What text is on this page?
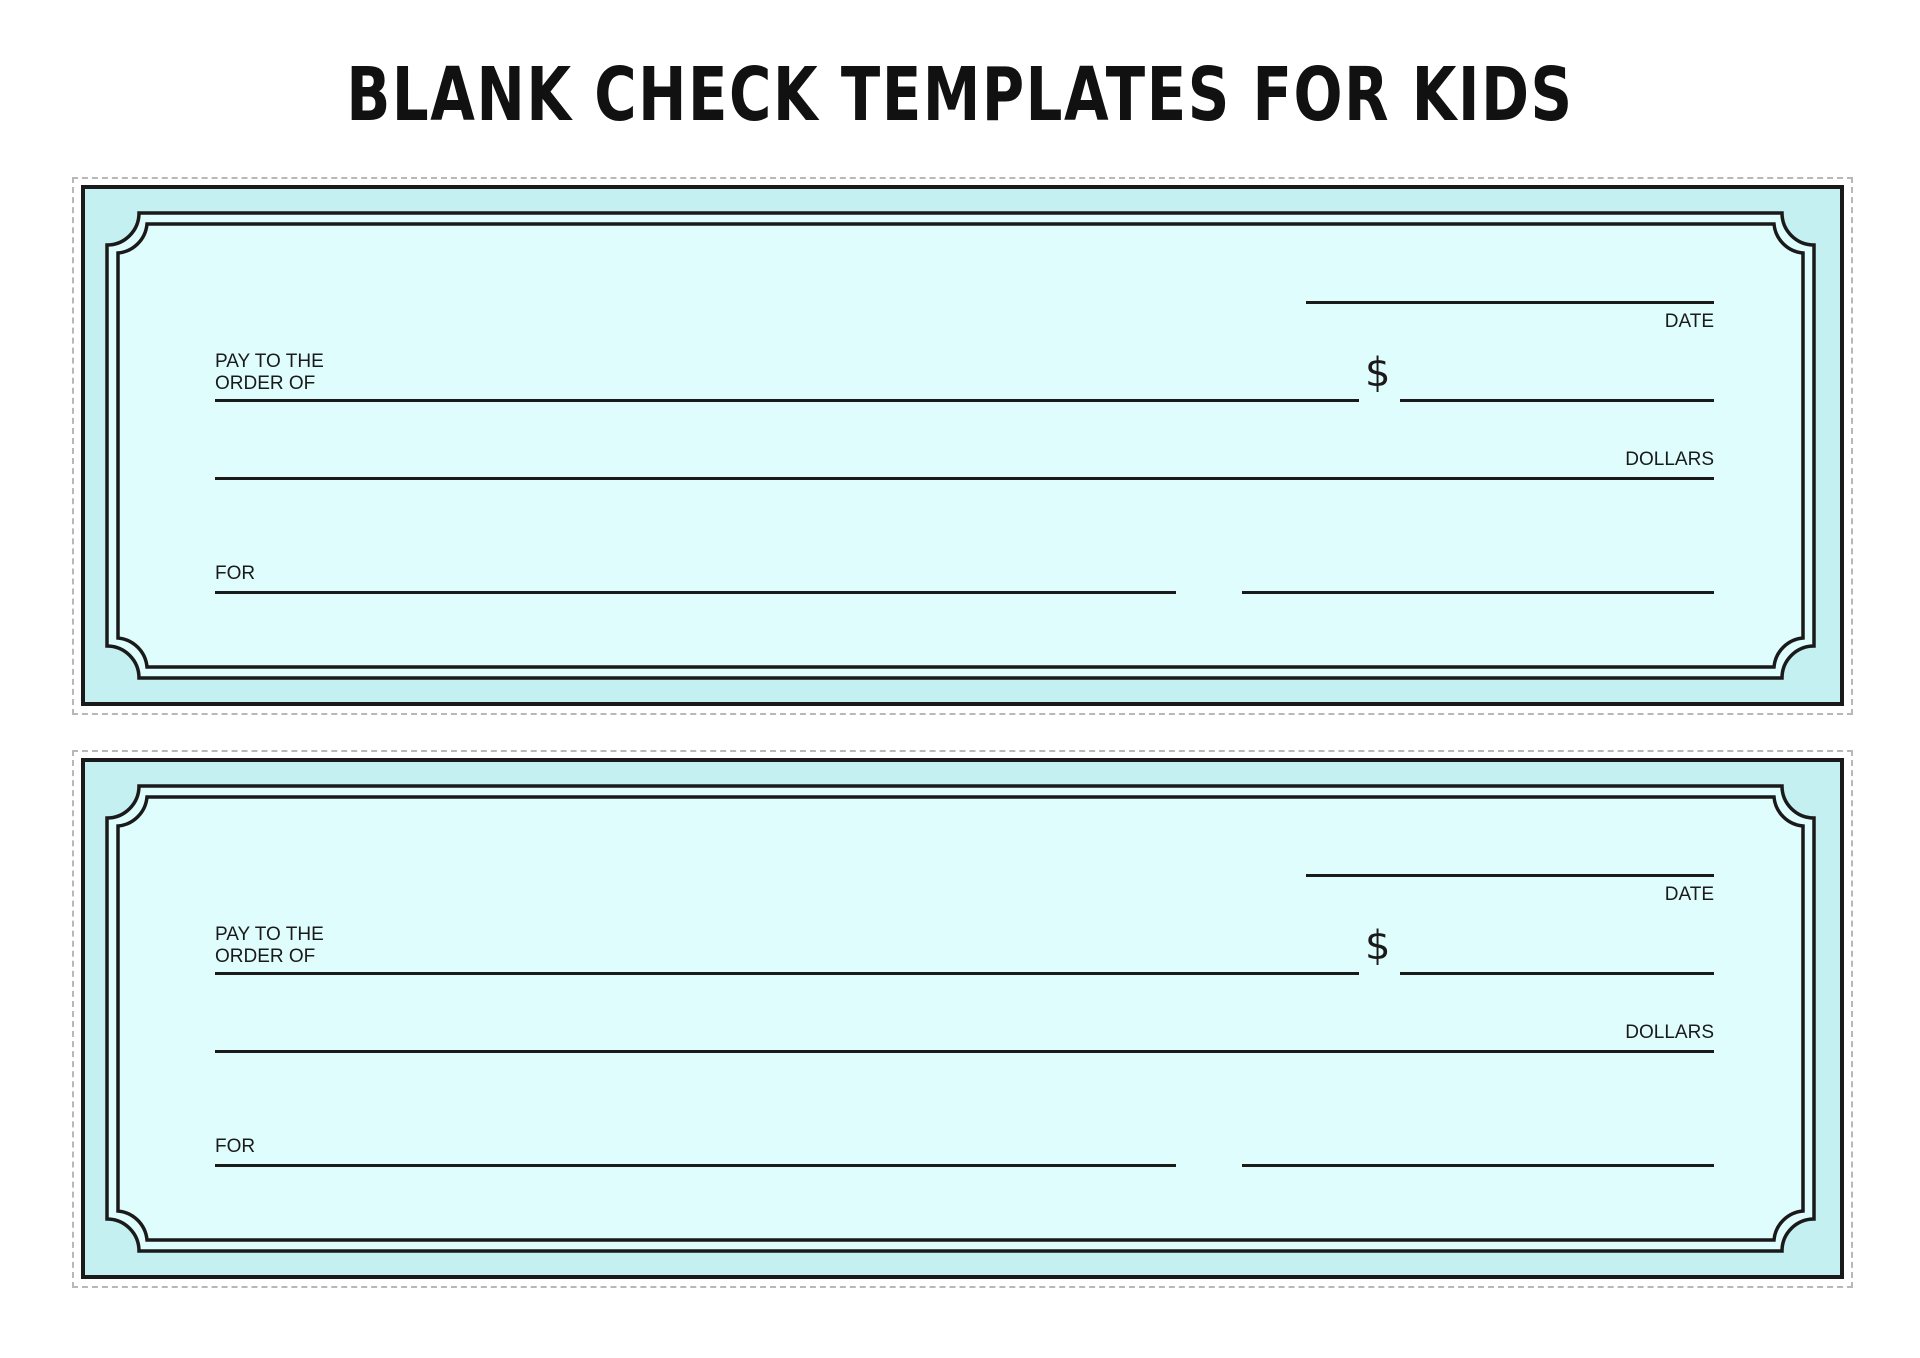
BLANK CHECK TEMPLATES FOR KIDS
DATE
PAY TO THE
ORDER OF	$
DOLLARS
FOR
DATE
PAY TO THE
ORDER OF	$
DOLLARS
FOR
